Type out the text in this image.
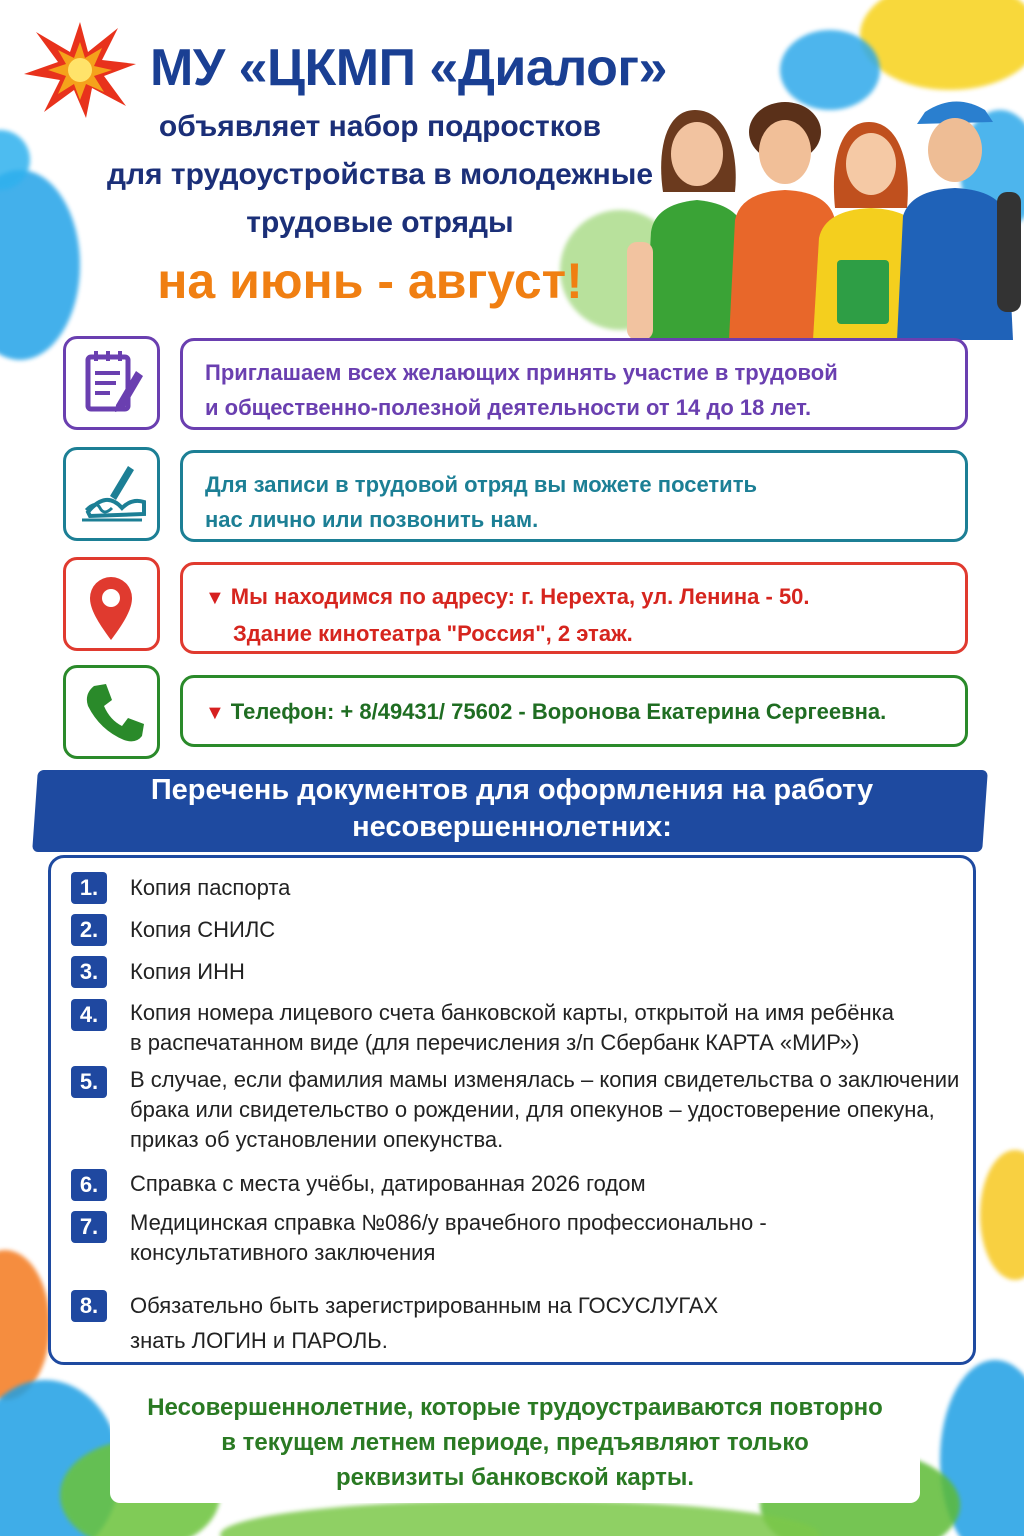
МУ «ЦКМП «Диалог»
объявляет набор подростков
для трудоустройства в молодежные
трудовые отряды
на июнь - август!
Приглашаем всех желающих принять участие в трудовой
и общественно-полезной деятельности от 14 до 18 лет.
Для записи в трудовой отряд вы можете посетить
нас лично или позвонить нам.
▼ Мы находимся по адресу: г. Нерехта, ул. Ленина - 50.
Здание кинотеатра "Россия", 2 этаж.
▼ Телефон: + 8/49431/ 75602 - Воронова Екатерина Сергеевна.
Перечень документов для оформления на работу
несовершеннолетних:
1.	Копия паспорта
2.	Копия СНИЛС
3.	Копия ИНН
4.	Копия номера лицевого счета банковской карты, открытой на имя ребёнка
в распечатанном виде (для перечисления з/п Сбербанк КАРТА «МИР»)
5.	В случае, если фамилия мамы изменялась – копия свидетельства о заключении
брака или свидетельство о рождении, для опекунов – удостоверение опекуна,
приказ об установлении опекунства.
6.	Справка с места учёбы, датированная 2026 годом
7.	Медицинская справка №086/у врачебного профессионально -
консультативного заключения
8.	Обязательно быть зарегистрированным на ГОСУСЛУГАХ
знать ЛОГИН и ПАРОЛЬ.
Несовершеннолетние, которые трудоустраиваются повторно
в текущем летнем периоде, предъявляют только
реквизиты банковской карты.
